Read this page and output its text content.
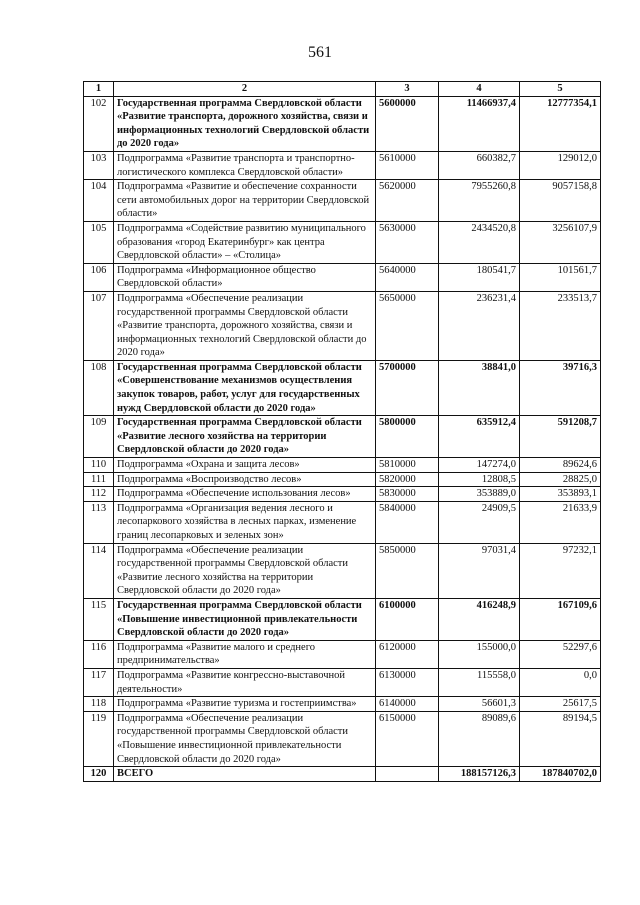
561
1	2	3	4	5
102	Государственная программа Свердловской области «Развитие транспорта, дорожного хозяйства, связи и информационных технологий Свердловской области до 2020 года»	5600000	11466937,4	12777354,1
103	Подпрограмма «Развитие транспорта и транспортно-логистического комплекса Свердловской области»	5610000	660382,7	129012,0
104	Подпрограмма «Развитие и обеспечение сохранности сети автомобильных дорог на территории Свердловской области»	5620000	7955260,8	9057158,8
105	Подпрограмма «Содействие развитию муниципального образования «город Екатеринбург» как центра Свердловской области» – «Столица»	5630000	2434520,8	3256107,9
106	Подпрограмма «Информационное общество Свердловской области»	5640000	180541,7	101561,7
107	Подпрограмма «Обеспечение реализации государственной программы Свердловской области «Развитие транспорта, дорожного хозяйства, связи и информационных технологий Свердловской области до 2020 года»	5650000	236231,4	233513,7
108	Государственная программа Свердловской области «Совершенствование механизмов осуществления закупок товаров, работ, услуг для государственных нужд Свердловской области до 2020 года»	5700000	38841,0	39716,3
109	Государственная программа Свердловской области «Развитие лесного хозяйства на территории Свердловской области до 2020 года»	5800000	635912,4	591208,7
110	Подпрограмма «Охрана и защита лесов»	5810000	147274,0	89624,6
111	Подпрограмма «Воспроизводство лесов»	5820000	12808,5	28825,0
112	Подпрограмма «Обеспечение использования лесов»	5830000	353889,0	353893,1
113	Подпрограмма «Организация ведения лесного и лесопаркового хозяйства в лесных парках, изменение границ лесопарковых и зеленых зон»	5840000	24909,5	21633,9
114	Подпрограмма «Обеспечение реализации государственной программы Свердловской области «Развитие лесного хозяйства на территории Свердловской области до 2020 года»	5850000	97031,4	97232,1
115	Государственная программа Свердловской области «Повышение инвестиционной привлекательности Свердловской области до 2020 года»	6100000	416248,9	167109,6
116	Подпрограмма «Развитие малого и среднего предпринимательства»	6120000	155000,0	52297,6
117	Подпрограмма «Развитие конгрессно-выставочной деятельности»	6130000	115558,0	0,0
118	Подпрограмма «Развитие туризма и гостеприимства»	6140000	56601,3	25617,5
119	Подпрограмма «Обеспечение реализации государственной программы Свердловской области «Повышение инвестиционной привлекательности Свердловской области до 2020 года»	6150000	89089,6	89194,5
120	ВСЕГО		188157126,3	187840702,0
